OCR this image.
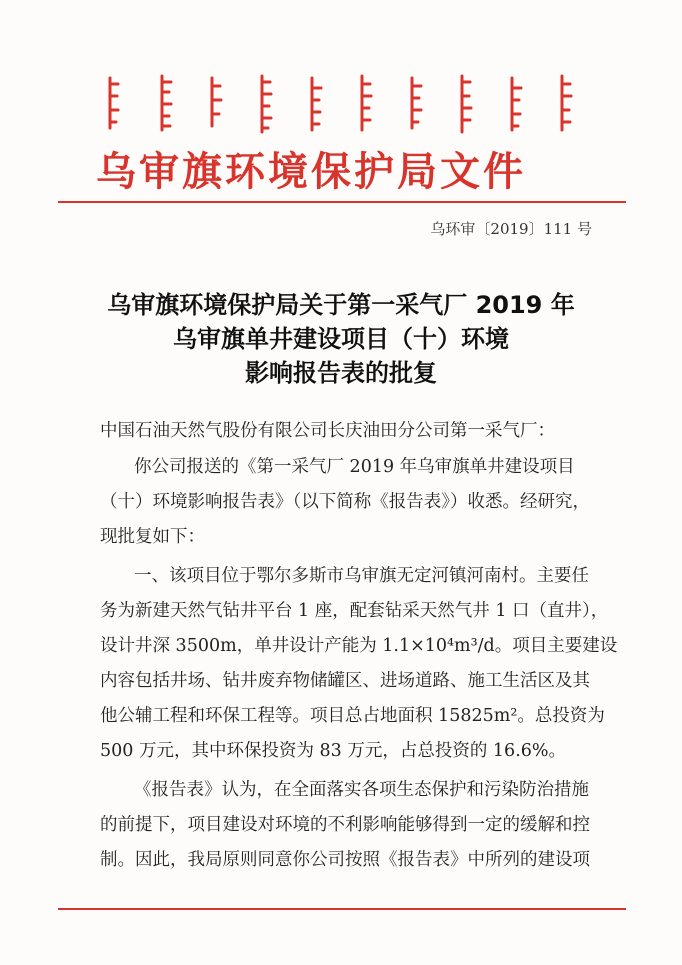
乌审旗环境保护局文件
乌环审〔2019〕111 号
乌审旗环境保护局关于第一采气厂 2019 年
乌审旗单井建设项目（十）环境
影响报告表的批复
中国石油天然气股份有限公司长庆油田分公司第一采气厂：
你公司报送的《第一采气厂 2019 年乌审旗单井建设项目
（十）环境影响报告表》（以下简称《报告表》）收悉。经研究，
现批复如下：
一、该项目位于鄂尔多斯市乌审旗无定河镇河南村。主要任
务为新建天然气钻井平台 1 座，配套钻采天然气井 1 口（直井），
设计井深 3500m，单井设计产能为 1.1×10⁴m³/d。项目主要建设
内容包括井场、钻井废弃物储罐区、进场道路、施工生活区及其
他公辅工程和环保工程等。项目总占地面积 15825m²。总投资为
500 万元，其中环保投资为 83 万元，占总投资的 16.6%。
《报告表》认为，在全面落实各项生态保护和污染防治措施
的前提下，项目建设对环境的不利影响能够得到一定的缓解和控
制。因此，我局原则同意你公司按照《报告表》中所列的建设项
